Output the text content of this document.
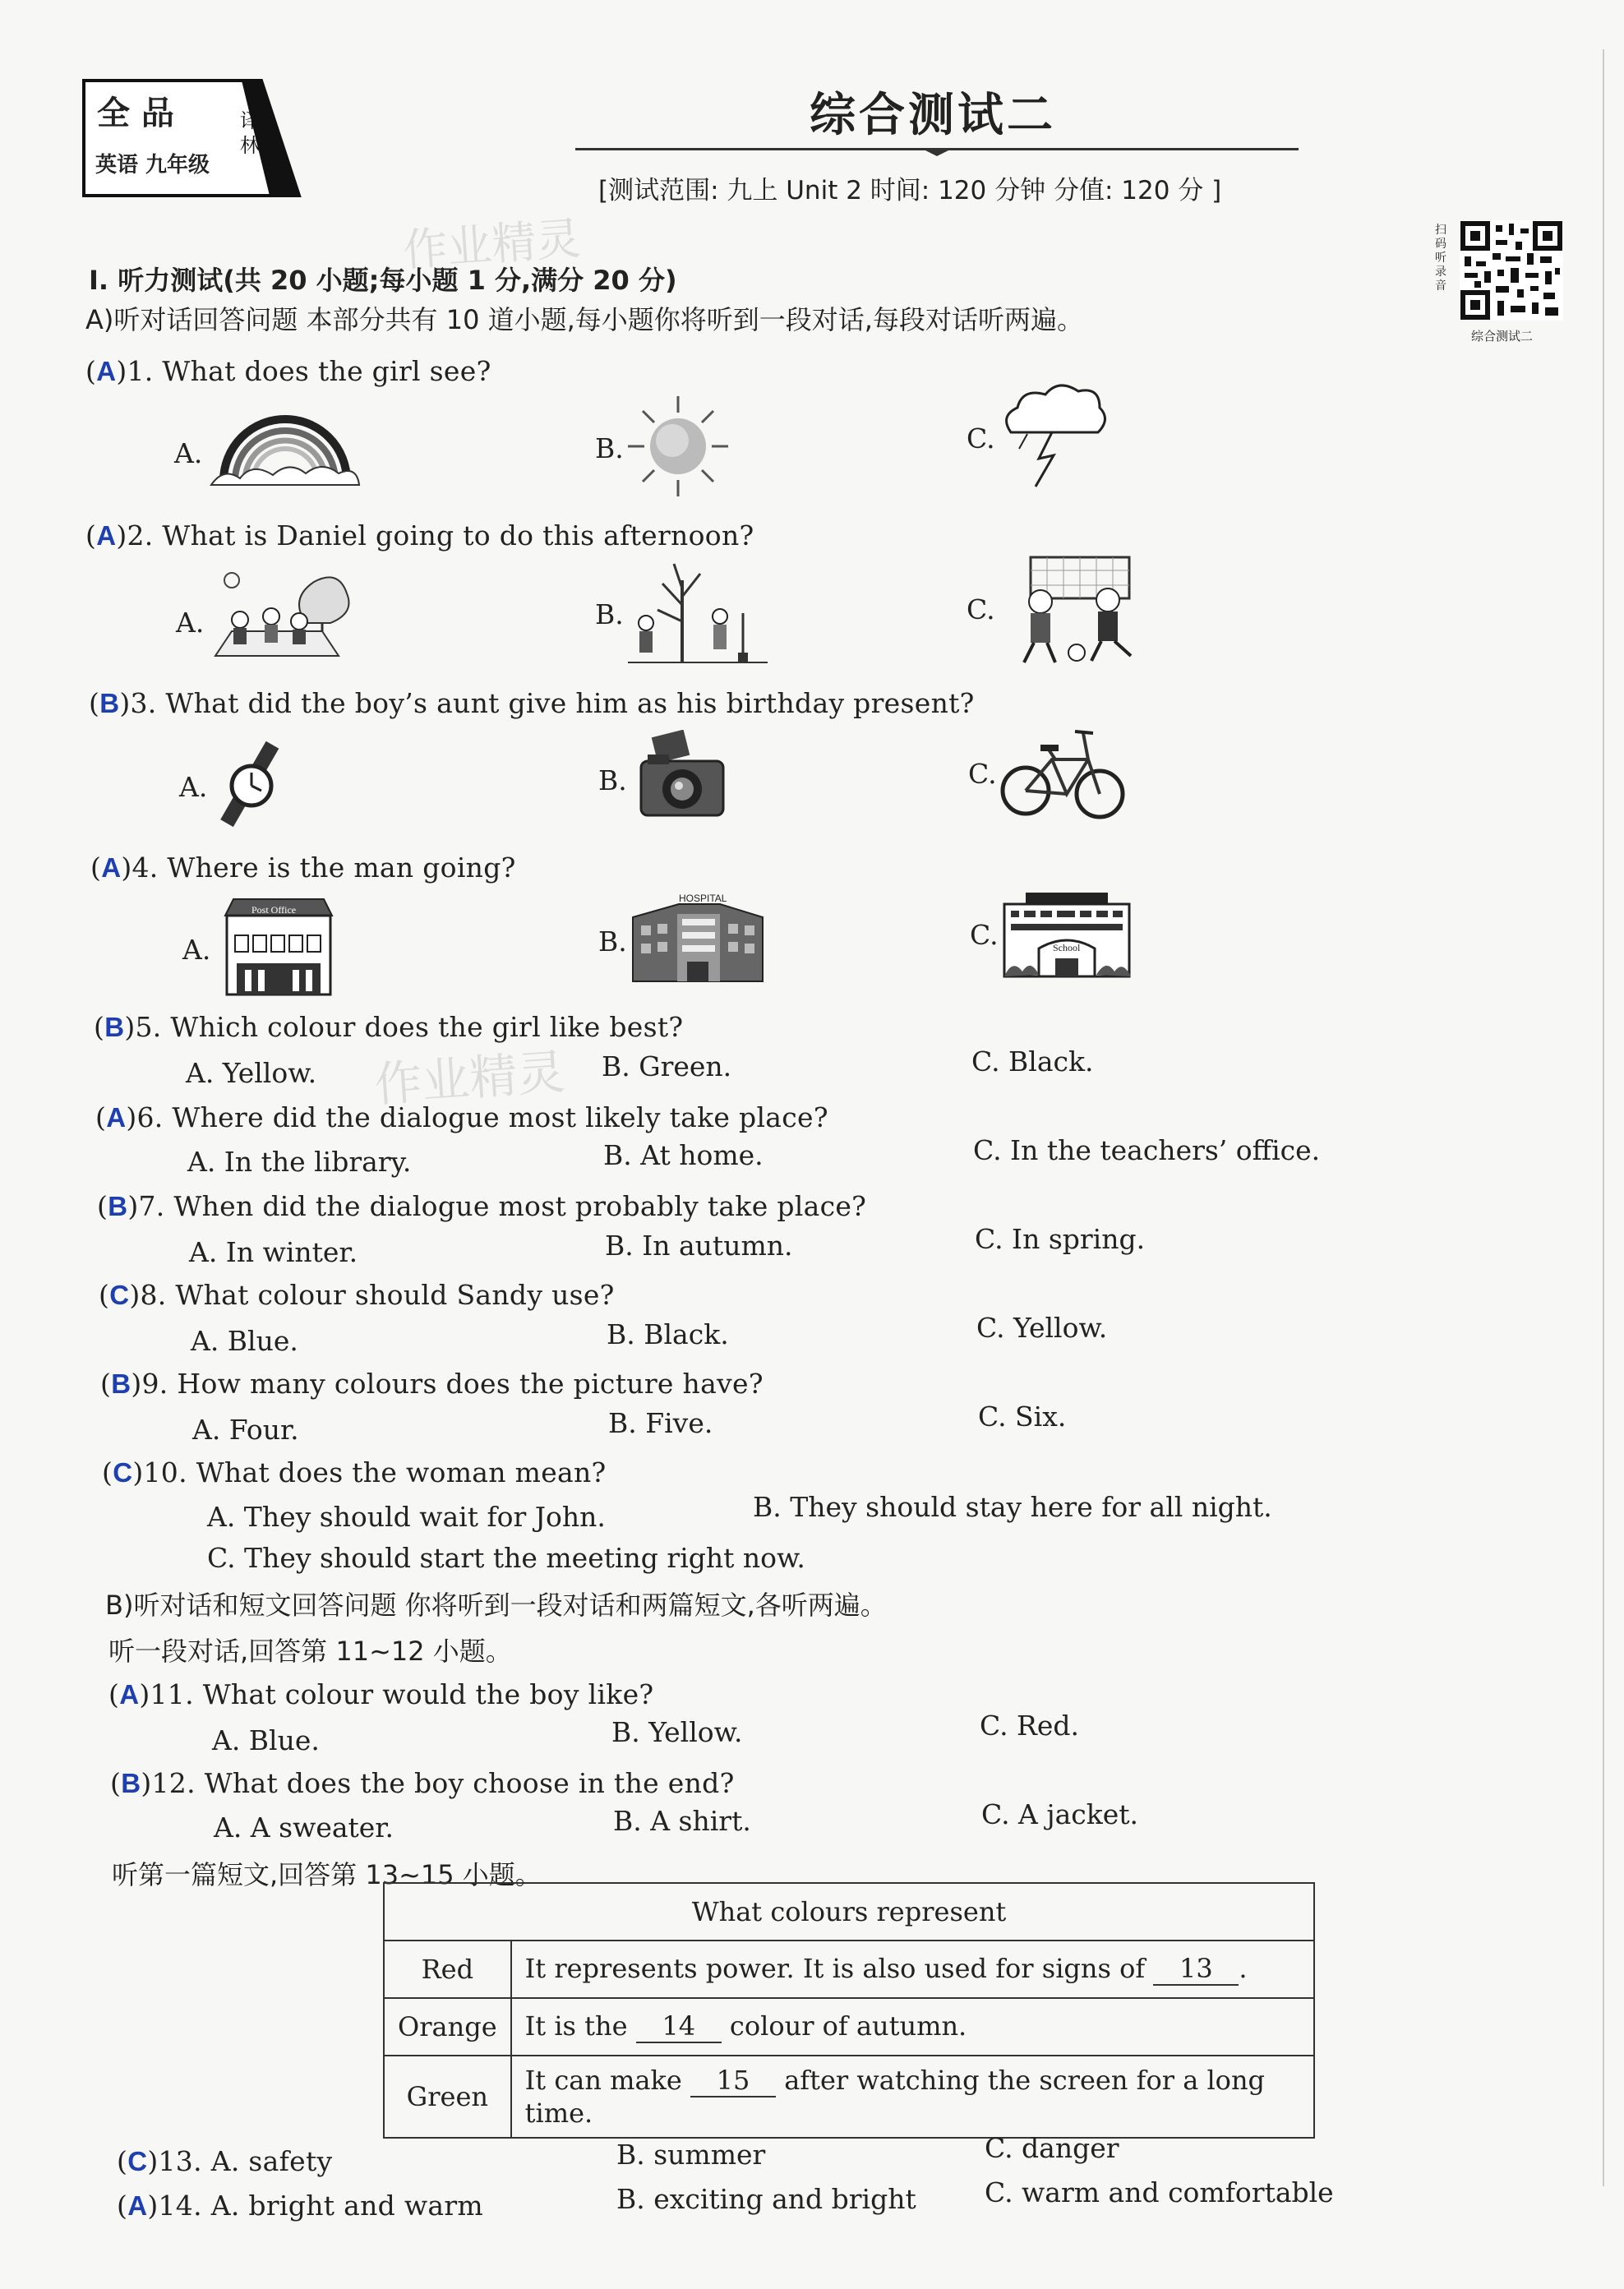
全 品
英语 九年级
译林
综合测试二
[测试范围: 九上 Unit 2 时间: 120 分钟 分值: 120 分 ]
扫码听录音
综合测试二
作业精灵
作业精灵
I. 听力测试(共 20 小题;每小题 1 分,满分 20 分)
A)听对话回答问题 本部分共有 10 道小题,每小题你将听到一段对话,每段对话听两遍。
(A)1. What does the girl see?
A.	B.	C.
(A)2. What is Daniel going to do this afternoon?
A.	B.	C.
(B)3. What did the boy’s aunt give him as his birthday present?
A.	B.	C.
(A)4. Where is the man going?
A.	B.	C.
Post Office
HOSPITAL
School
(B)5. Which colour does the girl like best?
A. Yellow.	B. Green.	C. Black.
(A)6. Where did the dialogue most likely take place?
A. In the library.	B. At home.	C. In the teachers’ office.
(B)7. When did the dialogue most probably take place?
A. In winter.	B. In autumn.	C. In spring.
(C)8. What colour should Sandy use?
A. Blue.	B. Black.	C. Yellow.
(B)9. How many colours does the picture have?
A. Four.	B. Five.	C. Six.
(C)10. What does the woman mean?
A. They should wait for John.	B. They should stay here for all night.
C. They should start the meeting right now.
B)听对话和短文回答问题 你将听到一段对话和两篇短文,各听两遍。
听一段对话,回答第 11~12 小题。
(A)11. What colour would the boy like?
A. Blue.	B. Yellow.	C. Red.
(B)12. What does the boy choose in the end?
A. A sweater.	B. A shirt.	C. A jacket.
听第一篇短文,回答第 13~15 小题。
What colours represent	
Red	It represents power. It is also used for signs of 13 .
Orange	It is the 14 colour of autumn.
Green	It can make 15 after watching the screen for a long time.
(C)13. A. safety	B. summer	C. danger
(A)14. A. bright and warm	B. exciting and bright	C. warm and comfortable
